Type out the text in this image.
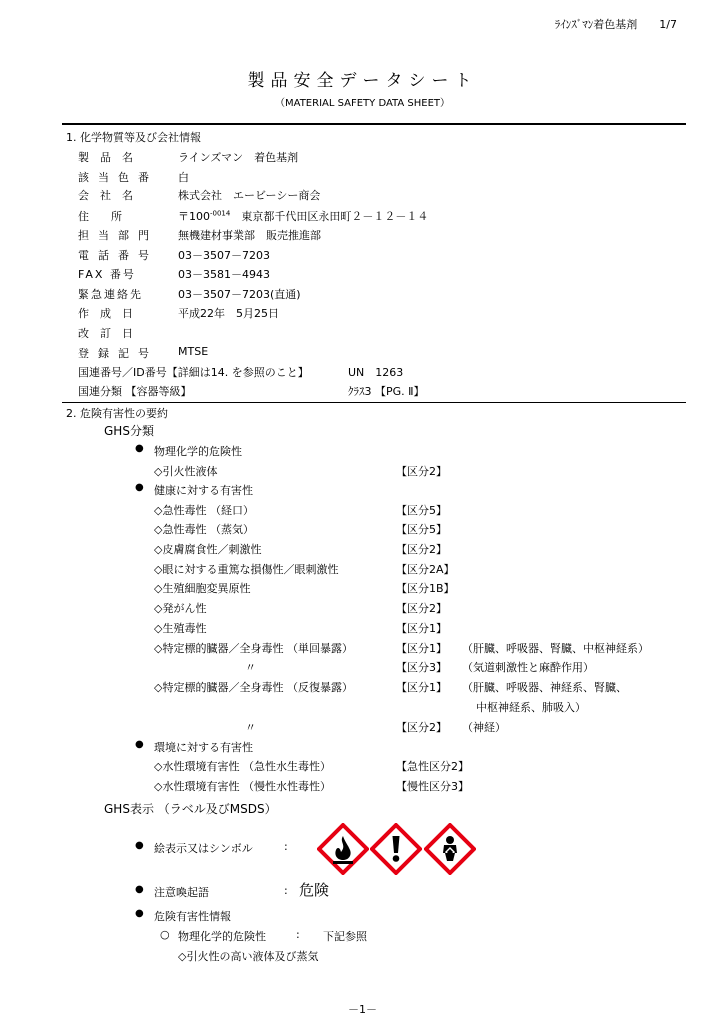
ﾗｲﾝｽﾞﾏﾝ着色基剤 1/7
製品安全データシート
（MATERIAL SAFETY DATA SHEET）
1. 化学物質等及び会社情報
製　品　名	ラインズマン　着色基剤
該当色番 白
会　社　名	株式会社　エービーシー商会
住　　所	〒$100^{-0014}$　東京都千代田区永田町２－１２－１４
担当部門 無機建材事業部　販売推進部
電話番号 03－3507－7203
FAX 番号	03－3581－4943
緊急連絡先	03－3507－7203(直通)
作　成　日	平成22年　5月25日
改　訂　日
登録記号 MTSE
国連番号／ID番号【詳細は14. を参照のこと】	UN　1263
国連分類 【容器等級】	ｸﾗｽ3 【PG. Ⅱ】
2. 危険有害性の要約
GHS分類
● 物理化学的危険性
◇引火性液体	【区分2】
● 健康に対する有害性
◇急性毒性 （経口）	【区分5】
◇急性毒性 （蒸気）	【区分5】
◇皮膚腐食性／刺激性	【区分2】
◇眼に対する重篤な損傷性／眼刺激性	【区分2A】
◇生殖細胞変異原性	【区分1B】
◇発がん性	【区分2】
◇生殖毒性	【区分1】
◇特定標的臓器／全身毒性 （単回暴露）	【区分1】 （肝臓、呼吸器、腎臓、中枢神経系）
〃	【区分3】 （気道刺激性と麻酔作用）
◇特定標的臓器／全身毒性 （反復暴露）	【区分1】 （肝臓、呼吸器、神経系、腎臓、
中枢神経系、肺吸入）
〃	【区分2】 （神経）
● 環境に対する有害性
◇水性環境有害性 （急性水生毒性）	【急性区分2】
◇水性環境有害性 （慢性水性毒性）	【慢性区分3】
GHS表示 （ラベル及びMSDS）
● 絵表示又はシンボル	:
● 注意喚起語	: 危険
● 危険有害性情報
○ 物理化学的危険性	: 下記参照
◇引火性の高い液体及び蒸気
－1－
